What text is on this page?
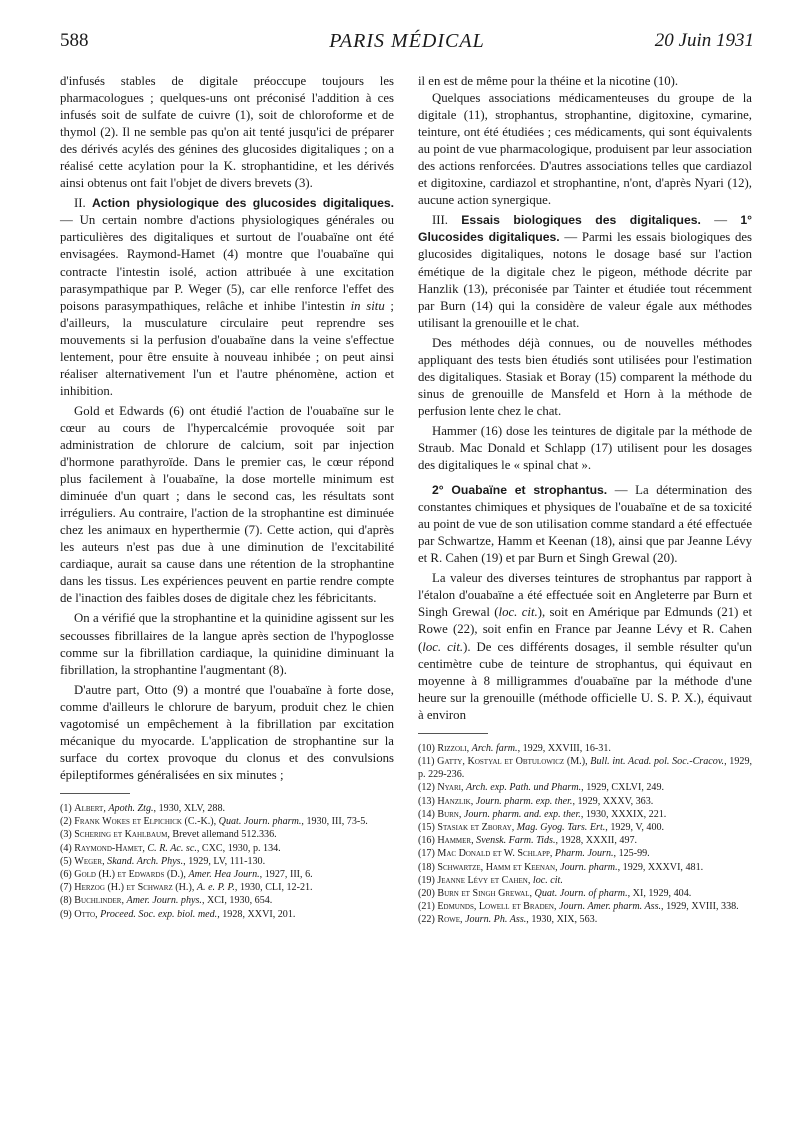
PARIS MÉDICAL
588	20 Juin 1931

d'infusés stables de digitale préoccupe toujours les pharmacologues ; quelques-uns ont préconisé l'addition à ces infusés soit de sulfate de cuivre (1), soit de chloroforme et de thymol (2). Il ne semble pas qu'on ait tenté jusqu'ici de préparer des dérivés acylés des génines des glucosides digitaliques ; on a réalisé cette acylation pour la K. strophantidine, et les dérivés ainsi obtenus ont fait l'objet de divers brevets (3).

II. Action physiologique des glucosides digitaliques. — Un certain nombre d'actions physiologiques générales ou particulières des digitaliques et surtout de l'ouabaïne ont été envisagées. Raymond-Hamet (4) montre que l'ouabaïne qui contracte l'intestin isolé, action attribuée à une excitation parasympathique par P. Weger (5), car elle renforce l'effet des poisons parasympathiques, relâche et inhibe l'intestin in situ ; d'ailleurs, la musculature circulaire peut reprendre ses mouvements si la perfusion d'ouabaïne dans la veine s'effectue lentement, pour être ensuite à nouveau inhibée ; on peut ainsi réaliser alternativement l'un et l'autre phénomène, action et inhibition.

Gold et Edwards (6) ont étudié l'action de l'ouabaïne sur le cœur au cours de l'hypercalcémie provoquée soit par administration de chlorure de calcium, soit par injection d'hormone parathyroïde. Dans le premier cas, le cœur répond plus facilement à l'ouabaïne, la dose mortelle minimum est diminuée d'un quart ; dans le second cas, les résultats sont irréguliers. Au contraire, l'action de la strophantine est diminuée chez les animaux en hyperthermie (7). Cette action, qui d'après les auteurs n'est pas due à une diminution de l'excitabilité cardiaque, aurait sa cause dans une rétention de la strophantine dans les tissus. Les expériences peuvent en partie rendre compte de l'inaction des faibles doses de digitale chez les fébricitants.

On a vérifié que la strophantine et la quinidine agissent sur les secousses fibrillaires de la langue après section de l'hypoglosse comme sur la fibrillation cardiaque, la quinidine diminuant la fibrillation, la strophantine l'augmentant (8).

D'autre part, Otto (9) a montré que l'ouabaïne à forte dose, comme d'ailleurs le chlorure de baryum, produit chez le chien vagotomisé un empêchement à la fibrillation par excitation mécanique du myocarde. L'application de strophantine sur la surface du cortex provoque du clonus et des convulsions épileptiformes généralisées en six minutes ;

(1) Albert, Apoth. Ztg., 1930, XLV, 288.
(2) Frank Wokes et Elpichick (C.-K.), Quat. Journ. pharm., 1930, III, 73-5.
(3) Schering et Kahlbaum, Brevet allemand 512.336.
(4) Raymond-Hamet, C. R. Ac. sc., CXC, 1930, p. 134.
(5) Weger, Skand. Arch. Phys., 1929, LV, 111-130.
(6) Gold (H.) et Edwards (D.), Amer. Hea Journ., 1927, III, 6.
(7) Herzog (H.) et Schwarz (H.), A. e. P. P., 1930, CLI, 12-21.
(8) Buchlinder, Amer. Journ. phys., XCI, 1930, 654.
(9) Otto, Proceed. Soc. exp. biol. med., 1928, XXVI, 201.

il en est de même pour la théine et la nicotine (10).

Quelques associations médicamenteuses du groupe de la digitale (11), strophantus, strophantine, digitoxine, cymarine, teinture, ont été étudiées ; ces médicaments, qui sont équivalents au point de vue pharmacologique, produisent par leur association des actions renforcées. D'autres associations telles que cardiazol et digitoxine, cardiazol et strophantine, n'ont, d'après Nyari (12), aucune action synergique.

III. Essais biologiques des digitaliques. — 1° Glucosides digitaliques. — Parmi les essais biologiques des glucosides digitaliques, notons le dosage basé sur l'action émétique de la digitale chez le pigeon, méthode décrite par Hanzlik (13), préconisée par Tainter et étudiée tout récemment par Burn (14) qui la considère de valeur égale aux méthodes utilisant la grenouille et le chat.

Des méthodes déjà connues, ou de nouvelles méthodes appliquant des tests bien étudiés sont utilisées pour l'estimation des digitaliques. Stasiak et Boray (15) comparent la méthode du sinus de grenouille de Mansfeld et Horn à la méthode de perfusion lente chez le chat.

Hammer (16) dose les teintures de digitale par la méthode de Straub. Mac Donald et Schlapp (17) utilisent pour les dosages des digitaliques le « spinal chat ».

2° Ouabaïne et strophantus. — La détermination des constantes chimiques et physiques de l'ouabaïne et de sa toxicité au point de vue de son utilisation comme standard a été effectuée par Schwartze, Hamm et Keenan (18), ainsi que par Jeanne Lévy et R. Cahen (19) et par Burn et Singh Grewal (20).

La valeur des diverses teintures de strophantus par rapport à l'étalon d'ouabaïne a été effectuée soit en Angleterre par Burn et Singh Grewal (loc. cit.), soit en Amérique par Edmunds (21) et Rowe (22), soit enfin en France par Jeanne Lévy et R. Cahen (loc. cit.). De ces différents dosages, il semble résulter qu'un centimètre cube de teinture de strophantus, qui équivaut en moyenne à 8 milligrammes d'ouabaïne par la méthode d'une heure sur la grenouille (méthode officielle U. S. P. X.), équivaut à environ

(10) Rizzoli, Arch. farm., 1929, XXVIII, 16-31.
(11) Gatty, Kostyal et Obtulowicz (M.), Bull. int. Acad. pol. Soc.-Cracov., 1929, p. 229-236.
(12) Nyari, Arch. exp. Path. und Pharm., 1929, CXLVI, 249.
(13) Hanzlik, Journ. pharm. exp. ther., 1929, XXXV, 363.
(14) Burn, Journ. pharm. and. exp. ther., 1930, XXXIX, 221.
(15) Stasiak et Zboray, Mag. Gyog. Tars. Ert., 1929, V, 400.
(16) Hammer, Svensk. Farm. Tids., 1928, XXXII, 497.
(17) Mac Donald et W. Schlapp, Pharm. Journ., 125-99.
(18) Schwartze, Hamm et Keenan, Journ. pharm., 1929, XXXVI, 481.
(19) Jeanne Lévy et Cahen, loc. cit.
(20) Burn et Singh Grewal, Quat. Journ. of pharm., XI, 1929, 404.
(21) Edmunds, Lowell et Braden, Journ. Amer. pharm. Ass., 1929, XVIII, 338.
(22) Rowe, Journ. Ph. Ass., 1930, XIX, 563.
